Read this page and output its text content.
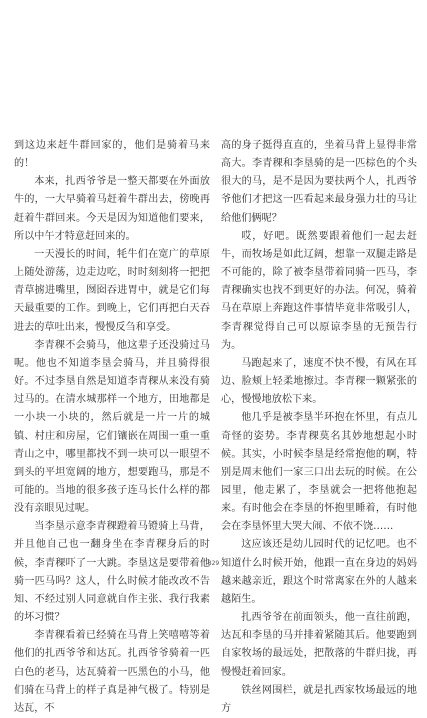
到这边来赶牛群回家的，他们是骑着马来的！

本来，扎西爷爷是一整天都要在外面放牛的，一大早骑着马赶着牛群出去，傍晚再赶着牛群回来。今天是因为知道他们要来，所以中午才特意赶回来的。

一天漫长的时间，牦牛们在宽广的草原上随处游荡，边走边吃，时时刻刻将一把把青草掳进嘴里，囫囵吞进胃中，就是它们每天最重要的工作。到晚上，它们再把白天吞进去的草吐出来，慢慢反刍和享受。

李青稞不会骑马，他这辈子还没骑过马呢。他也不知道李垦会骑马，并且骑得很好。不过李垦自然是知道李青稞从来没有骑过马的。在清水城那样一个地方，田地都是一小块一小块的，然后就是一片一片的城镇、村庄和房屋，它们镶嵌在周围一重一重青山之中，哪里都找不到一块可以一眼望不到头的平坦宽阔的地方，想要跑马，那是不可能的。当地的很多孩子连马长什么样的都没有亲眼见过呢。

当李垦示意李青稞蹬着马镫骑上马背，并且他自己也一翻身坐在李青稞身后的时候，李青稞吓了一大跳。李垦这是要带着他骑一匹马吗？这人，什么时候才能改改不告知、不经过别人同意就自作主张、我行我素的坏习惯？

李青稞看着已经骑在马背上笑嘻嘻等着他们的扎西爷爷和达瓦。扎西爷爷骑着一匹白色的老马，达瓦骑着一匹黑色的小马，他们骑在马背上的样子真是神气极了。特别是达瓦，不

高的身子挺得直直的，坐着马背上显得非常高大。李青稞和李垦骑的是一匹棕色的个头很大的马，是不是因为要扶两个人，扎西爷爷他们才把这一匹看起来最身强力壮的马让给他们俩呢？

哎，好吧。既然要跟着他们一起去赶牛，而牧场是如此辽阔，想靠一双腿走路是不可能的，除了被李垦带着同骑一匹马，李青稞确实也找不到更好的办法。何况，骑着马在草原上奔跑这件事情毕竟非常吸引人，李青稞觉得自己可以原谅李垦的无预告行为。

马跑起来了，速度不快不慢，有风在耳边、脸颊上轻柔地擦过。李青稞一颗紧张的心，慢慢地放松下来。

他几乎是被李垦半环抱在怀里，有点儿奇怪的姿势。李青稞莫名其妙地想起小时候。其实，小时候李垦是经常抱他的啊，特别是周末他们一家三口出去玩的时候。在公园里，他走累了，李垦就会一把将他抱起来。有时他会在李垦的怀抱里睡着，有时他会在李垦怀里大哭大闹、不依不饶……

这应该还是幼儿园时代的记忆吧。也不知道什么时候开始，他跟一直在身边的妈妈越来越亲近，跟这个时常离家在外的人越来越陌生。

扎西爷爷在前面领头，他一直往前跑，达瓦和李垦的马并排着紧随其后。他要跑到自家牧场的最远处，把散落的牛群归拢，再慢慢赶着回家。

铁丝网围栏，就是扎西家牧场最远的地方

829
